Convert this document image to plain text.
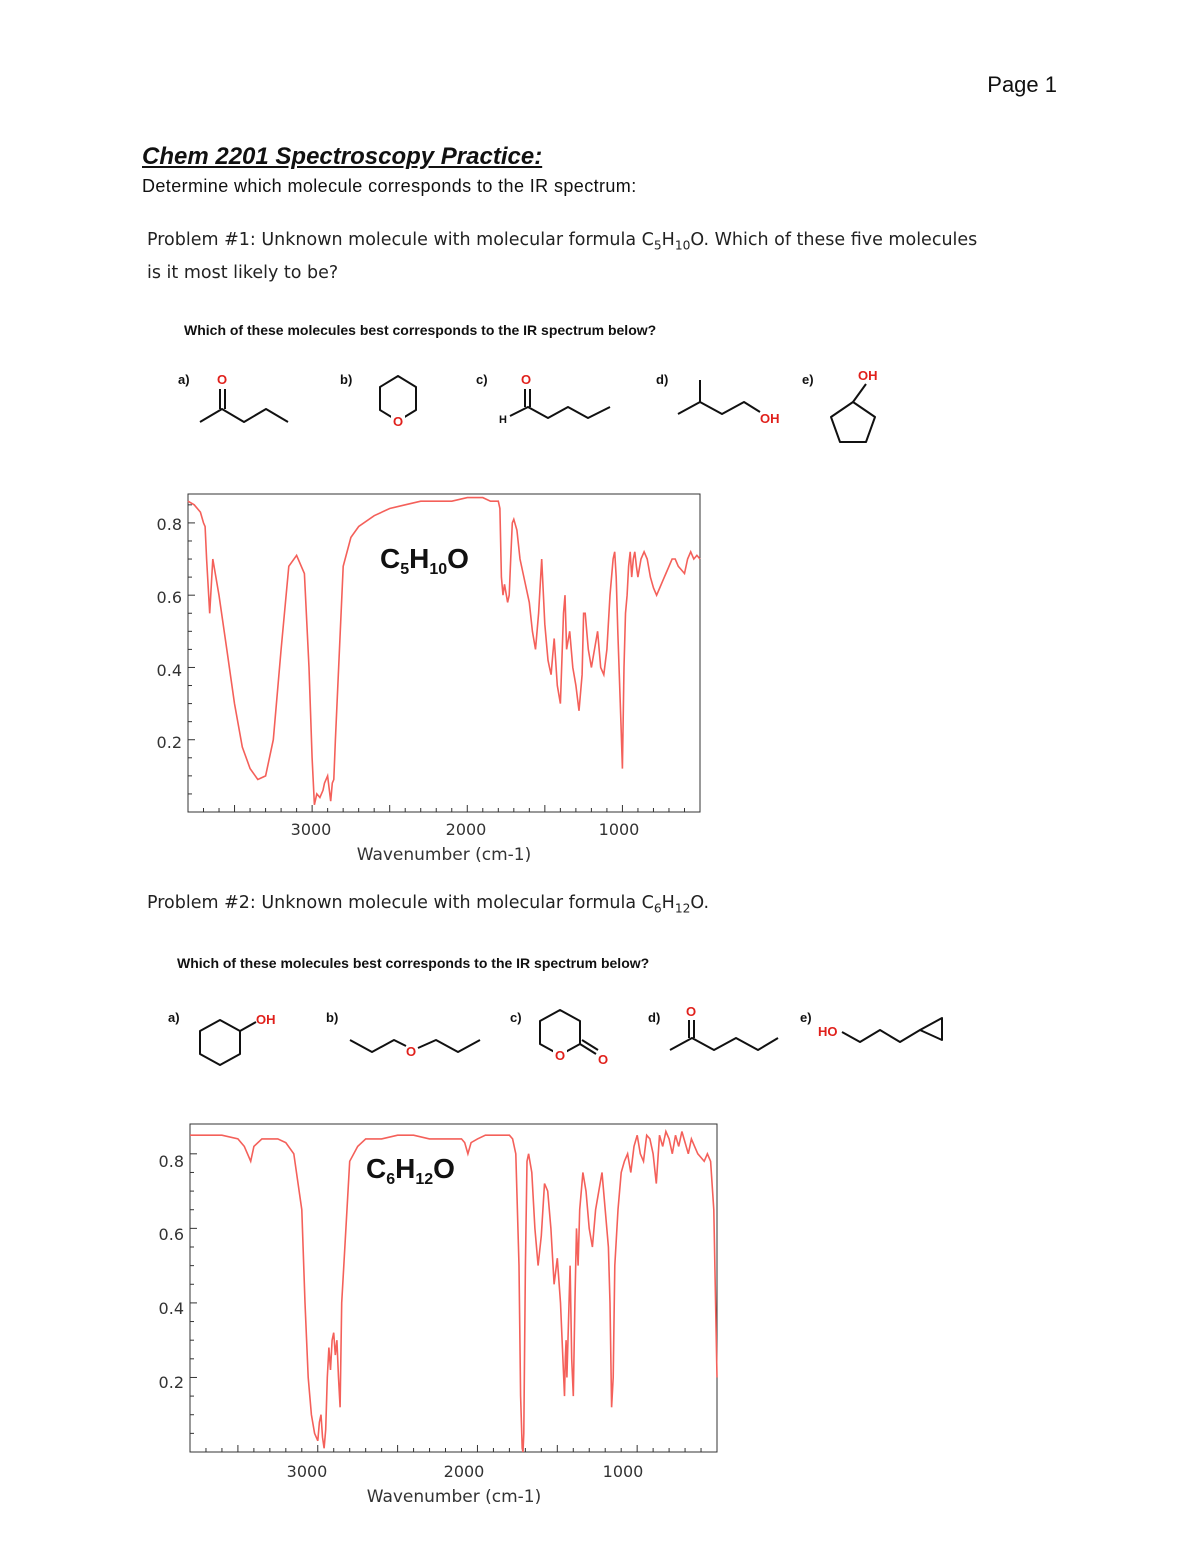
Page 1
Chem 2201 Spectroscopy Practice:
Determine which molecule corresponds to the IR spectrum:
Problem #1: Unknown molecule with molecular formula $C_5H_{10}O$. Which of these five molecules
is it most likely to be?
Which of these molecules best corresponds to the IR spectrum below?
a) O	b)
O
c)	O
H
d)
OH
e)	OH
0.8
0.6
0.4
0.2
3000	2000	1000
Wavenumber (cm-1)
C5H10O
Problem #2: Unknown molecule with molecular formula $C_6H_{12}O$.
Which of these molecules best corresponds to the IR spectrum below?
a)	OH	b)
O
c)
O	O
d) O	e)
HO
0.8
0.6
0.4
0.2
3000	2000	1000
Wavenumber (cm-1)
C6H12O
